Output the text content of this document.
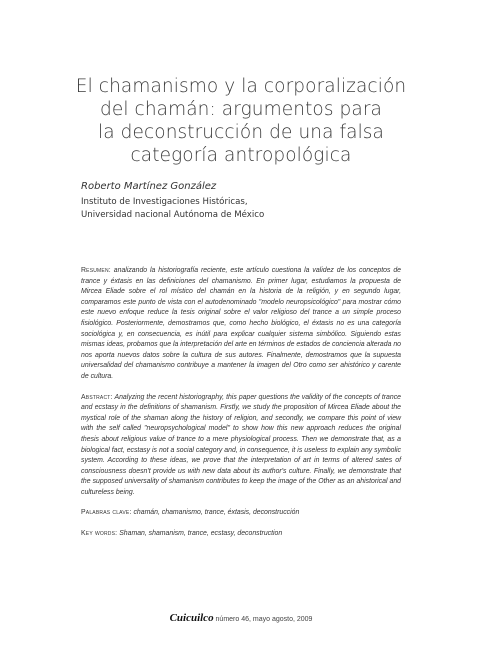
El chamanismo y la corporalización
del chamán: argumentos para
la deconstrucción de una falsa
categoría antropológica
Roberto Martínez González
Instituto de Investigaciones Históricas,
Universidad nacional Autónoma de México

Resumen: analizando la historiografía reciente, este artículo cuestiona la validez de los conceptos de trance y éxtasis en las definiciones del chamanismo. En primer lugar, estudiamos la propuesta de Mircea Eliade sobre el rol místico del chamán en la historia de la religión, y en segundo lugar, comparamos este punto de vista con el autodenominado "modelo neuropsicológico" para mostrar cómo este nuevo enfoque reduce la tesis original sobre el valor religioso del trance a un simple proceso fisiológico. Posteriormente, demostramos que, como hecho biológico, el éxtasis no es una categoría sociológica y, en consecuencia, es inútil para explicar cualquier sistema simbólico. Siguiendo estas mismas ideas, probamos que la interpretación del arte en términos de estados de conciencia alterada no nos aporta nuevos datos sobre la cultura de sus autores. Finalmente, demostramos que la supuesta universalidad del chamanismo contribuye a mantener la imagen del Otro como ser ahistórico y carente de cultura.

Abstract: Analyzing the recent historiography, this paper questions the validity of the concepts of trance and ecstasy in the definitions of shamanism. Firstly, we study the proposition of Mircea Eliade about the mystical role of the shaman along the history of religion, and secondly, we compare this point of view with the self called "neuropsychological model" to show how this new approach reduces the original thesis about religious value of trance to a mere physiological process. Then we demonstrate that, as a biological fact, ecstasy is not a social category and, in consequence, it is useless to explain any symbolic system. According to these ideas, we prove that the interpretation of art in terms of altered sates of consciousness doesn't provide us with new data about its author's culture. Finally, we demonstrate that the supposed universality of shamanism contributes to keep the image of the Other as an ahistorical and cultureless being.

Palabras clave: chamán, chamanismo, trance, éxtasis, deconstrucción

Key words: Shaman, shamanism, trance, ecstasy, deconstruction

Cuicuilco número 46, mayo agosto, 2009
